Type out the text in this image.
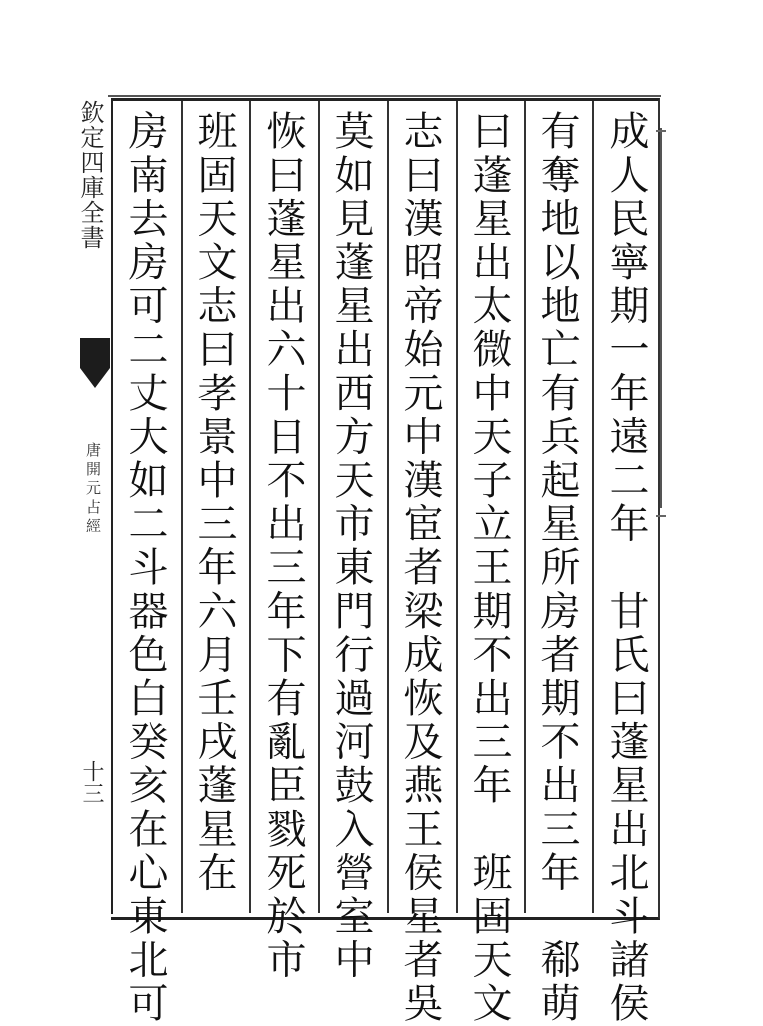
欽定四庫全書
唐開元占經
十三	成人民寧期一年遠二年　甘氏曰蓬星出北斗諸侯
有奪地以地亡有兵起星所房者期不出三年　郗萌
曰蓬星出太微中天子立王期不出三年　班固天文
志曰漢昭帝始元中漢宦者梁成恢及燕王侯星者吳
莫如見蓬星出西方天市東門行過河鼓入營室中
恢曰蓬星出六十日不出三年下有亂臣戮死於市
班固天文志曰孝景中三年六月壬戌蓬星在
房南去房可二丈大如二斗器色白癸亥在心東北可
